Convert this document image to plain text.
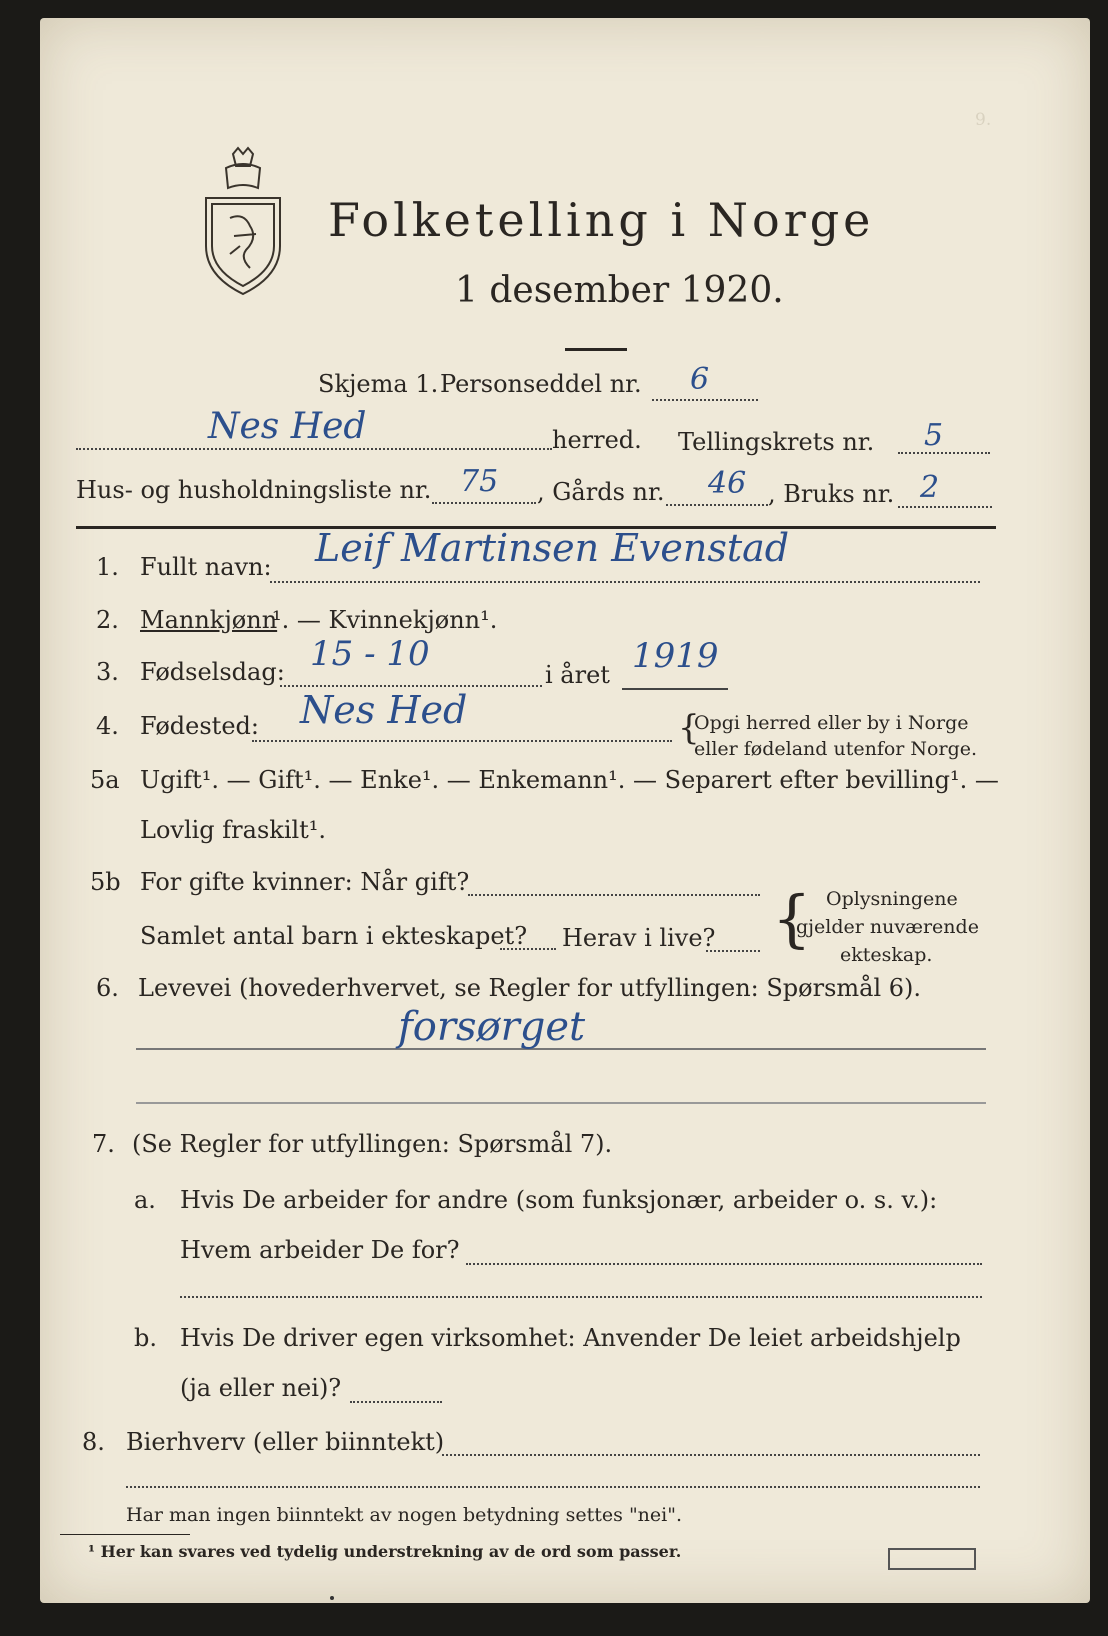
9.
Folketelling i Norge
1 desember 1920.
Skjema 1. Personseddel nr. 6
Nes Hed	herred. Tellingskrets nr. 5
Hus- og husholdningsliste nr. 75 , Gårds nr. 46 , Bruks nr. 2
1. Fullt navn: Leif Martinsen Evenstad
2. Mannkjønn
¹. — Kvinnekjønn¹.
3. Fødselsdag: 15 - 10
i året 1919
4. Fødested: Nes Hed	{
Opgi herred eller by i Norge
eller fødeland utenfor Norge.
5a Ugift¹. — Gift¹. — Enke¹. — Enkemann¹. — Separert efter bevilling¹. —
Lovlig fraskilt¹.
5b For gifte kvinner: Når gift?
Samlet antal barn i ekteskapet? Herav i live? { Oplysningene
gjelder nuværende
ekteskap.
6. Levevei (hovederhvervet, se Regler for utfyllingen: Spørsmål 6).
forsørget
7. (Se Regler for utfyllingen: Spørsmål 7).
a. Hvis De arbeider for andre (som funksjonær, arbeider o. s. v.):
Hvem arbeider De for?
b. Hvis De driver egen virksomhet: Anvender De leiet arbeidshjelp
(ja eller nei)?
8. Bierhverv (eller biinntekt)
Har man ingen biinntekt av nogen betydning settes "nei".
¹ Her kan svares ved tydelig understrekning av de ord som passer.
